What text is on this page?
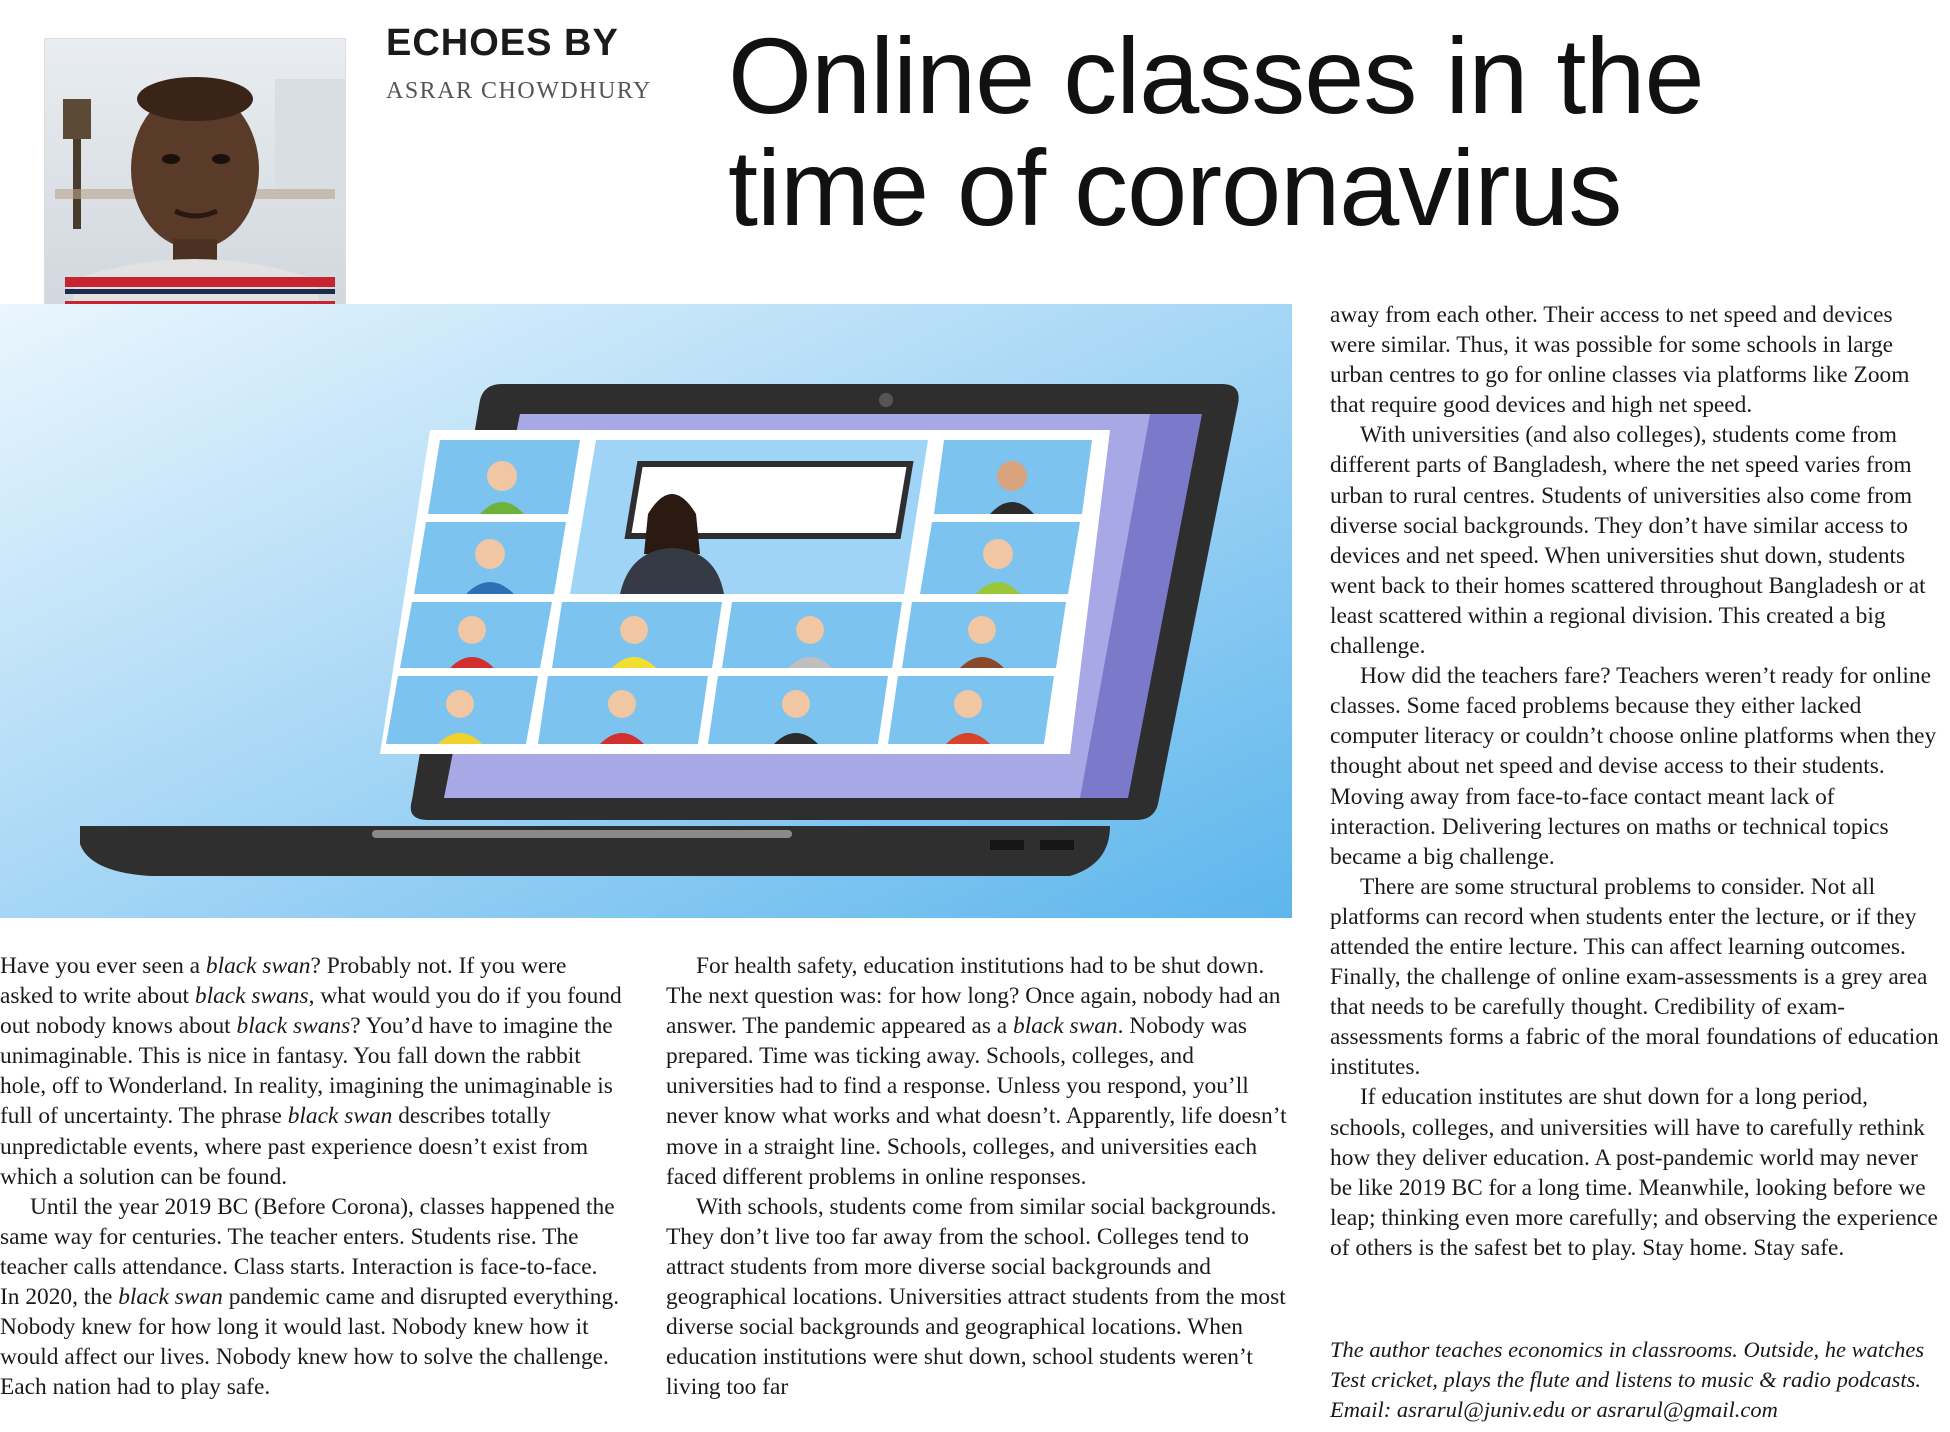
ECHOES BY
ASRAR CHOWDHURY Online classes in the
time of coronavirus

Have you ever seen a black swan? Probably not. If you were asked to write about black swans, what would you do if you found out nobody knows about black swans? You’d have to imagine the unimaginable. This is nice in fantasy. You fall down the rabbit hole, off to Wonderland. In reality, imagining the unimaginable is full of uncertainty. The phrase black swan describes totally unpredictable events, where past experience doesn’t exist from which a solution can be found.

Until the year 2019 BC (Before Corona), classes happened the same way for centuries. The teacher enters. Students rise. The teacher calls attendance. Class starts. Interaction is face-to-face. In 2020, the black swan pandemic came and disrupted everything. Nobody knew for how long it would last. Nobody knew how it would affect our lives. Nobody knew how to solve the challenge. Each nation had to play safe.

For health safety, education institutions had to be shut down. The next question was: for how long? Once again, nobody had an answer. The pandemic appeared as a black swan. Nobody was prepared. Time was ticking away. Schools, colleges, and universities had to find a response. Unless you respond, you’ll never know what works and what doesn’t. Apparently, life doesn’t move in a straight line. Schools, colleges, and universities each faced different problems in online responses.

With schools, students come from similar social backgrounds. They don’t live too far away from the school. Colleges tend to attract students from more diverse social backgrounds and geographical locations. Universities attract students from the most diverse social backgrounds and geographical locations. When education institutions were shut down, school students weren’t living too far

away from each other. Their access to net speed and devices were similar. Thus, it was possible for some schools in large urban centres to go for online classes via platforms like Zoom that require good devices and high net speed.

With universities (and also colleges), students come from different parts of Bangladesh, where the net speed varies from urban to rural centres. Students of universities also come from diverse social backgrounds. They don’t have similar access to devices and net speed. When universities shut down, students went back to their homes scattered throughout Bangladesh or at least scattered within a regional division. This created a big challenge.

How did the teachers fare? Teachers weren’t ready for online classes. Some faced problems because they either lacked computer literacy or couldn’t choose online platforms when they thought about net speed and devise access to their students. Moving away from face-to-face contact meant lack of interaction. Delivering lectures on maths or technical topics became a big challenge.

There are some structural problems to consider. Not all platforms can record when students enter the lecture, or if they attended the entire lecture. This can affect learning outcomes. Finally, the challenge of online exam-assessments is a grey area that needs to be carefully thought. Credibility of exam-assessments forms a fabric of the moral foundations of education institutes.

If education institutes are shut down for a long period, schools, colleges, and universities will have to carefully rethink how they deliver education. A post-pandemic world may never be like 2019 BC for a long time. Meanwhile, looking before we leap; thinking even more carefully; and observing the experience of others is the safest bet to play. Stay home. Stay safe.

The author teaches economics in classrooms. Outside, he watches Test cricket, plays the flute and listens to music & radio podcasts. Email: asrarul@juniv.edu or asrarul@gmail.com
